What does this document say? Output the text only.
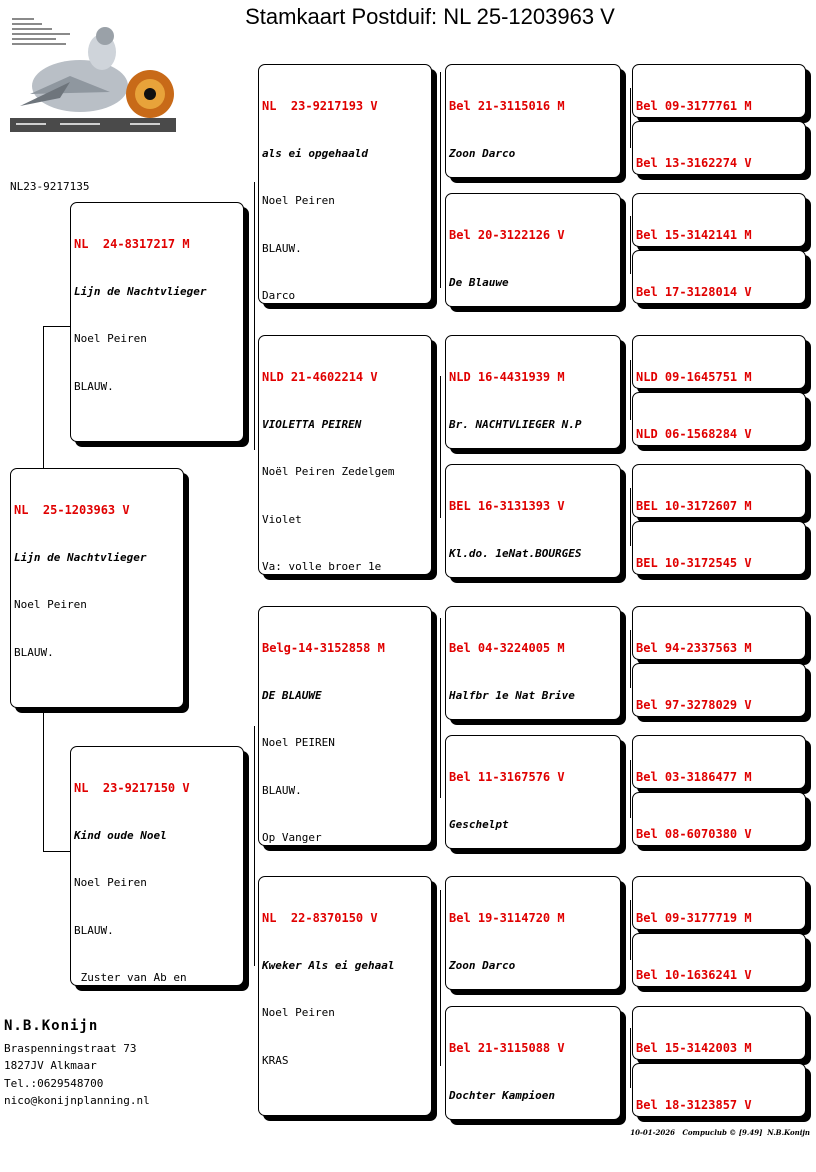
Stamkaart Postduif: NL 25-1203963 V
NL23-9217135

NL  25-1203963 V

Lijn de Nachtvlieger

Noel Peiren

BLAUW.

NL  24-8317217 M

Lijn de Nachtvlieger

Noel Peiren

BLAUW.

NL  23-9217150 V

Kind oude Noel

Noel Peiren

BLAUW.

Zuster van Ab en

NL  23-9217193 V

als ei opgehaald

Noel Peiren

BLAUW.

Darco

NLD 21-4602214 V

VIOLETTA PEIREN

Noël Peiren Zedelgem

Violet

Va: volle broer 1e

Belg-14-3152858 M

DE BLAUWE

Noel PEIREN

BLAUW.

Op Vanger

NL  22-8370150 V

Kweker Als ei gehaal

Noel Peiren

KRAS

Bel 21-3115016 M

Zoon Darco

Bel 20-3122126 V

De Blauwe

NLD 16-4431939 M

Br. NACHTVLIEGER N.P

BEL 16-3131393 V

Kl.do. 1eNat.BOURGES

Bel 04-3224005 M

Halfbr 1e Nat Brive

Bel 11-3167576 V

Geschelpt

Bel 19-3114720 M

Zoon Darco

Bel 21-3115088 V

Dochter Kampioen

Bel 09-3177761 M

Bel 13-3162274 V

Bel 15-3142141 M

Bel 17-3128014 V

NLD 09-1645751 M

NLD 06-1568284 V

BEL 10-3172607 M

BEL 10-3172545 V

Bel 94-2337563 M

Bel 97-3278029 V

Bel 03-3186477 M

Bel 08-6070380 V

Bel 09-3177719 M

Bel 10-1636241 V

Bel 15-3142003 M

Bel 18-3123857 V

N.B.Konijn
Braspenningstraat 73
1827JV Alkmaar
Tel.:0629548700
nico@konijnplanning.nl
10-01-2026   Compuclub © [9.49]  N.B.Konijn
